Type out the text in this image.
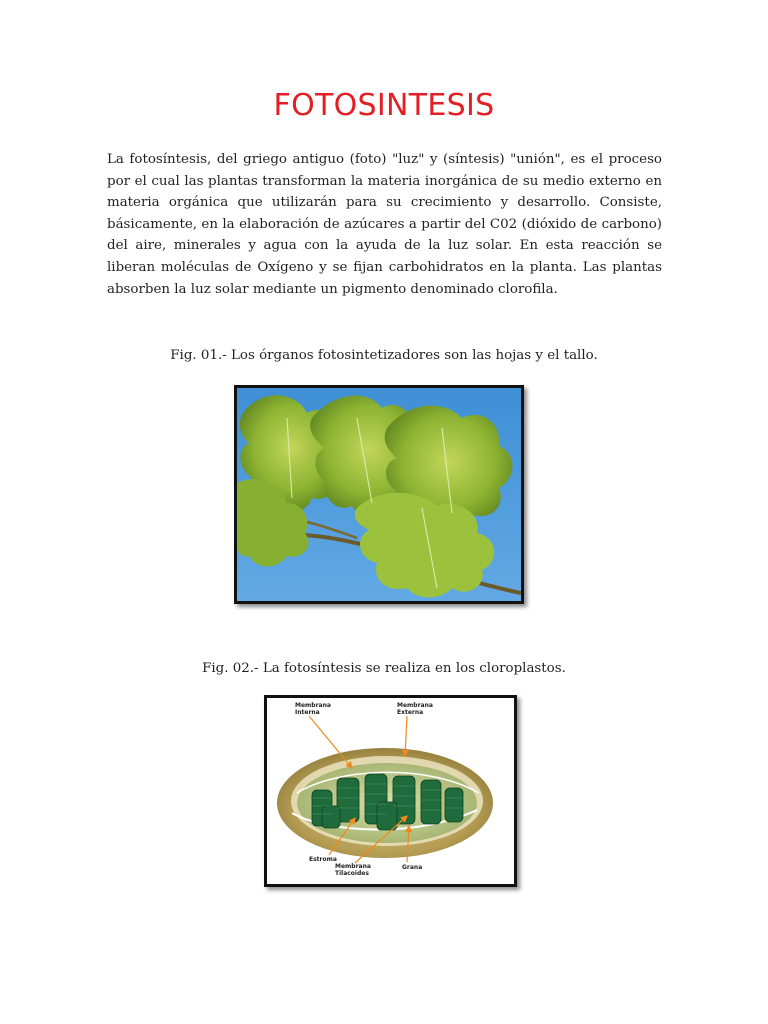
FOTOSINTESIS

La fotosíntesis, del griego antiguo (foto) "luz" y (síntesis) "unión", es el proceso por el cual las plantas transforman la materia inorgánica de su medio externo en materia orgánica que utilizarán para su crecimiento y desarrollo. Consiste, básicamente, en la elaboración de azúcares a partir del C02 (dióxido de carbono) del aire, minerales y agua con la ayuda de la luz solar. En esta reacción se liberan moléculas de Oxígeno y se fijan carbohidratos en la planta. Las plantas absorben la luz solar mediante un pigmento denominado clorofila.

Fig. 01.- Los órganos fotosintetizadores son las hojas y el tallo.
Fig. 02.- La fotosíntesis se realiza en los cloroplastos.
Membrana
Interna
Membrana
Externa
Estroma
Membrana
Tilacoides
Grana
